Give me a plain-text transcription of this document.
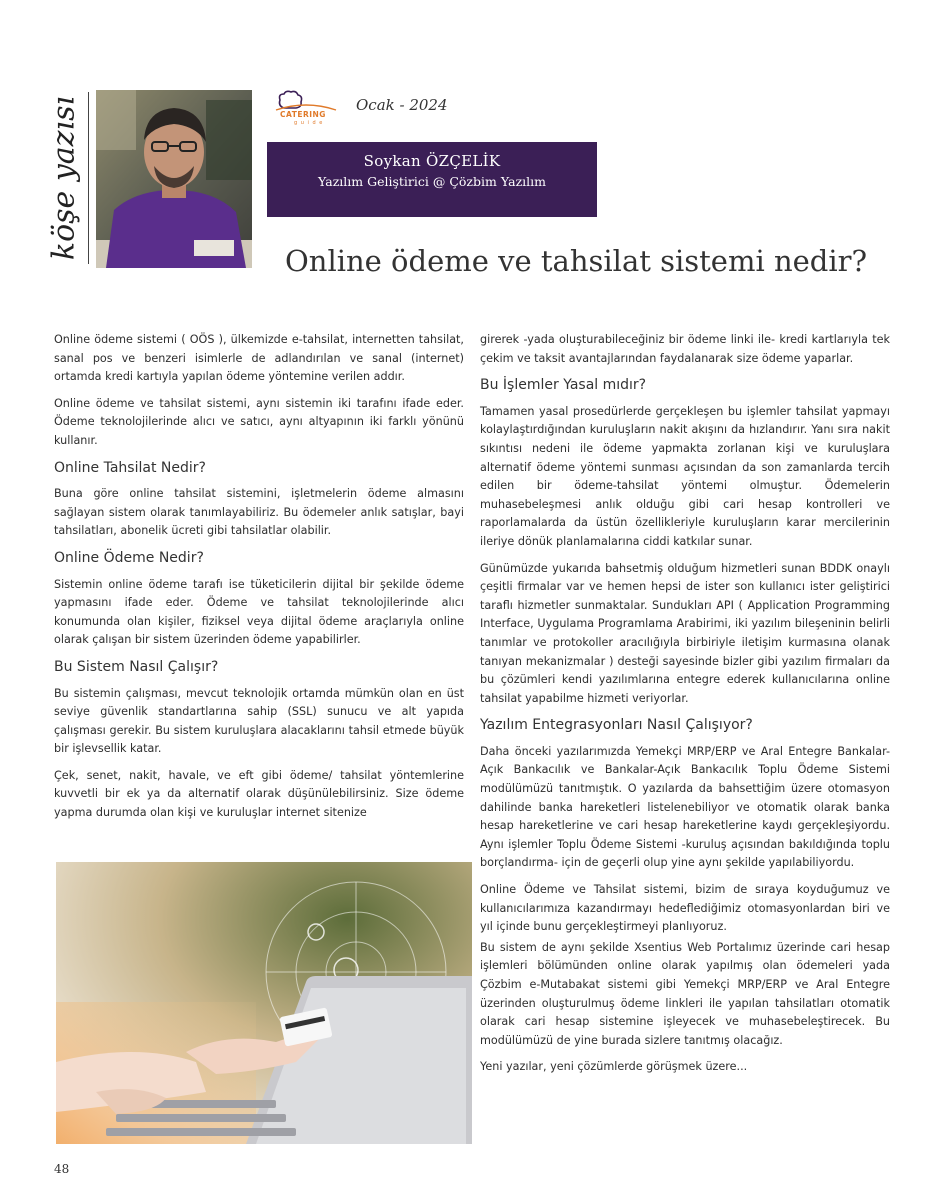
köşe yazısı	CATERING
g u i d e
Ocak - 2024
Soykan ÖZÇELİK
Yazılım Geliştirici @ Çözbim Yazılım
Online ödeme ve tahsilat sistemi nedir?

Online ödeme sistemi ( OÖS ), ülkemizde e-tahsilat, internetten tahsilat, sanal pos ve benzeri isimlerle de adlandırılan ve sanal (internet) ortamda kredi kartıyla yapılan ödeme yöntemine verilen addır.

Online ödeme ve tahsilat sistemi, aynı sistemin iki tarafını ifade eder. Ödeme teknolojilerinde alıcı ve satıcı, aynı altyapının iki farklı yönünü kullanır.

Online Tahsilat Nedir?

Buna göre online tahsilat sistemini, işletmelerin ödeme almasını sağlayan sistem olarak tanımlayabiliriz. Bu ödemeler anlık satışlar, bayi tahsilatları, abonelik ücreti gibi tahsilatlar olabilir.

Online Ödeme Nedir?

Sistemin online ödeme tarafı ise tüketicilerin dijital bir şekilde ödeme yapmasını ifade eder. Ödeme ve tahsilat teknolojilerinde alıcı konumunda olan kişiler, fiziksel veya dijital ödeme araçlarıyla online olarak çalışan bir sistem üzerinden ödeme yapabilirler.

Bu Sistem Nasıl Çalışır?

Bu sistemin çalışması, mevcut teknolojik ortamda mümkün olan en üst seviye güvenlik standartlarına sahip (SSL) sunucu ve alt yapıda çalışması gerekir. Bu sistem kuruluşlara alacaklarını tahsil etmede büyük bir işlevsellik katar.

Çek, senet, nakit, havale, ve eft gibi ödeme/ tahsilat yöntemlerine kuvvetli bir ek ya da alternatif olarak düşünülebilirsiniz. Size ödeme yapma durumda olan kişi ve kuruluşlar internet sitenize

girerek -yada oluşturabileceğiniz bir ödeme linki ile- kredi kartlarıyla tek çekim ve taksit avantajlarından faydalanarak size ödeme yaparlar.

Bu İşlemler Yasal mıdır?

Tamamen yasal prosedürlerde gerçekleşen bu işlemler tahsilat yapmayı kolaylaştırdığından kuruluşların nakit akışını da hızlandırır. Yanı sıra nakit sıkıntısı nedeni ile ödeme yapmakta zorlanan kişi ve kuruluşlara alternatif ödeme yöntemi sunması açısından da son zamanlarda tercih edilen bir ödeme-tahsilat yöntemi olmuştur. Ödemelerin muhasebeleşmesi anlık olduğu gibi cari hesap kontrolleri ve raporlamalarda da üstün özellikleriyle kuruluşların karar mercilerinin ileriye dönük planlamalarına ciddi katkılar sunar.

Günümüzde yukarıda bahsetmiş olduğum hizmetleri sunan BDDK onaylı çeşitli firmalar var ve hemen hepsi de ister son kullanıcı ister geliştirici taraflı hizmetler sunmaktalar. Sundukları API ( Application Programming Interface, Uygulama Programlama Arabirimi, iki yazılım bileşeninin belirli tanımlar ve protokoller aracılığıyla birbiriyle iletişim kurmasına olanak tanıyan mekanizmalar ) desteği sayesinde bizler gibi yazılım firmaları da bu çözümleri kendi yazılımlarına entegre ederek kullanıcılarına online tahsilat yapabilme hizmeti veriyorlar.

Yazılım Entegrasyonları Nasıl Çalışıyor?

Daha önceki yazılarımızda Yemekçi MRP/ERP ve Aral Entegre Bankalar-Açık Bankacılık ve Bankalar-Açık Bankacılık Toplu Ödeme Sistemi modülümüzü tanıtmıştık. O yazılarda da bahsettiğim üzere otomasyon dahilinde banka hareketleri listelenebiliyor ve otomatik olarak banka hesap hareketlerine ve cari hesap hareketlerine kaydı gerçekleşiyordu. Aynı işlemler Toplu Ödeme Sistemi -kuruluş açısından bakıldığında toplu borçlandırma- için de geçerli olup yine aynı şekilde yapılabiliyordu.

Online Ödeme ve Tahsilat sistemi, bizim de sıraya koyduğumuz ve kullanıcılarımıza kazandırmayı hedeflediğimiz otomasyonlardan biri ve yıl içinde bunu gerçekleştirmeyi planlıyoruz.

Bu sistem de aynı şekilde Xsentius Web Portalımız üzerinde cari hesap işlemleri bölümünden online olarak yapılmış olan ödemeleri yada Çözbim e-Mutabakat sistemi gibi Yemekçi MRP/ERP ve Aral Entegre üzerinden oluşturulmuş ödeme linkleri ile yapılan tahsilatları otomatik olarak cari hesap sistemine işleyecek ve muhasebeleştirecek. Bu modülümüzü de yine burada sizlere tanıtmış olacağız.

Yeni yazılar, yeni çözümlerde görüşmek üzere...

48
